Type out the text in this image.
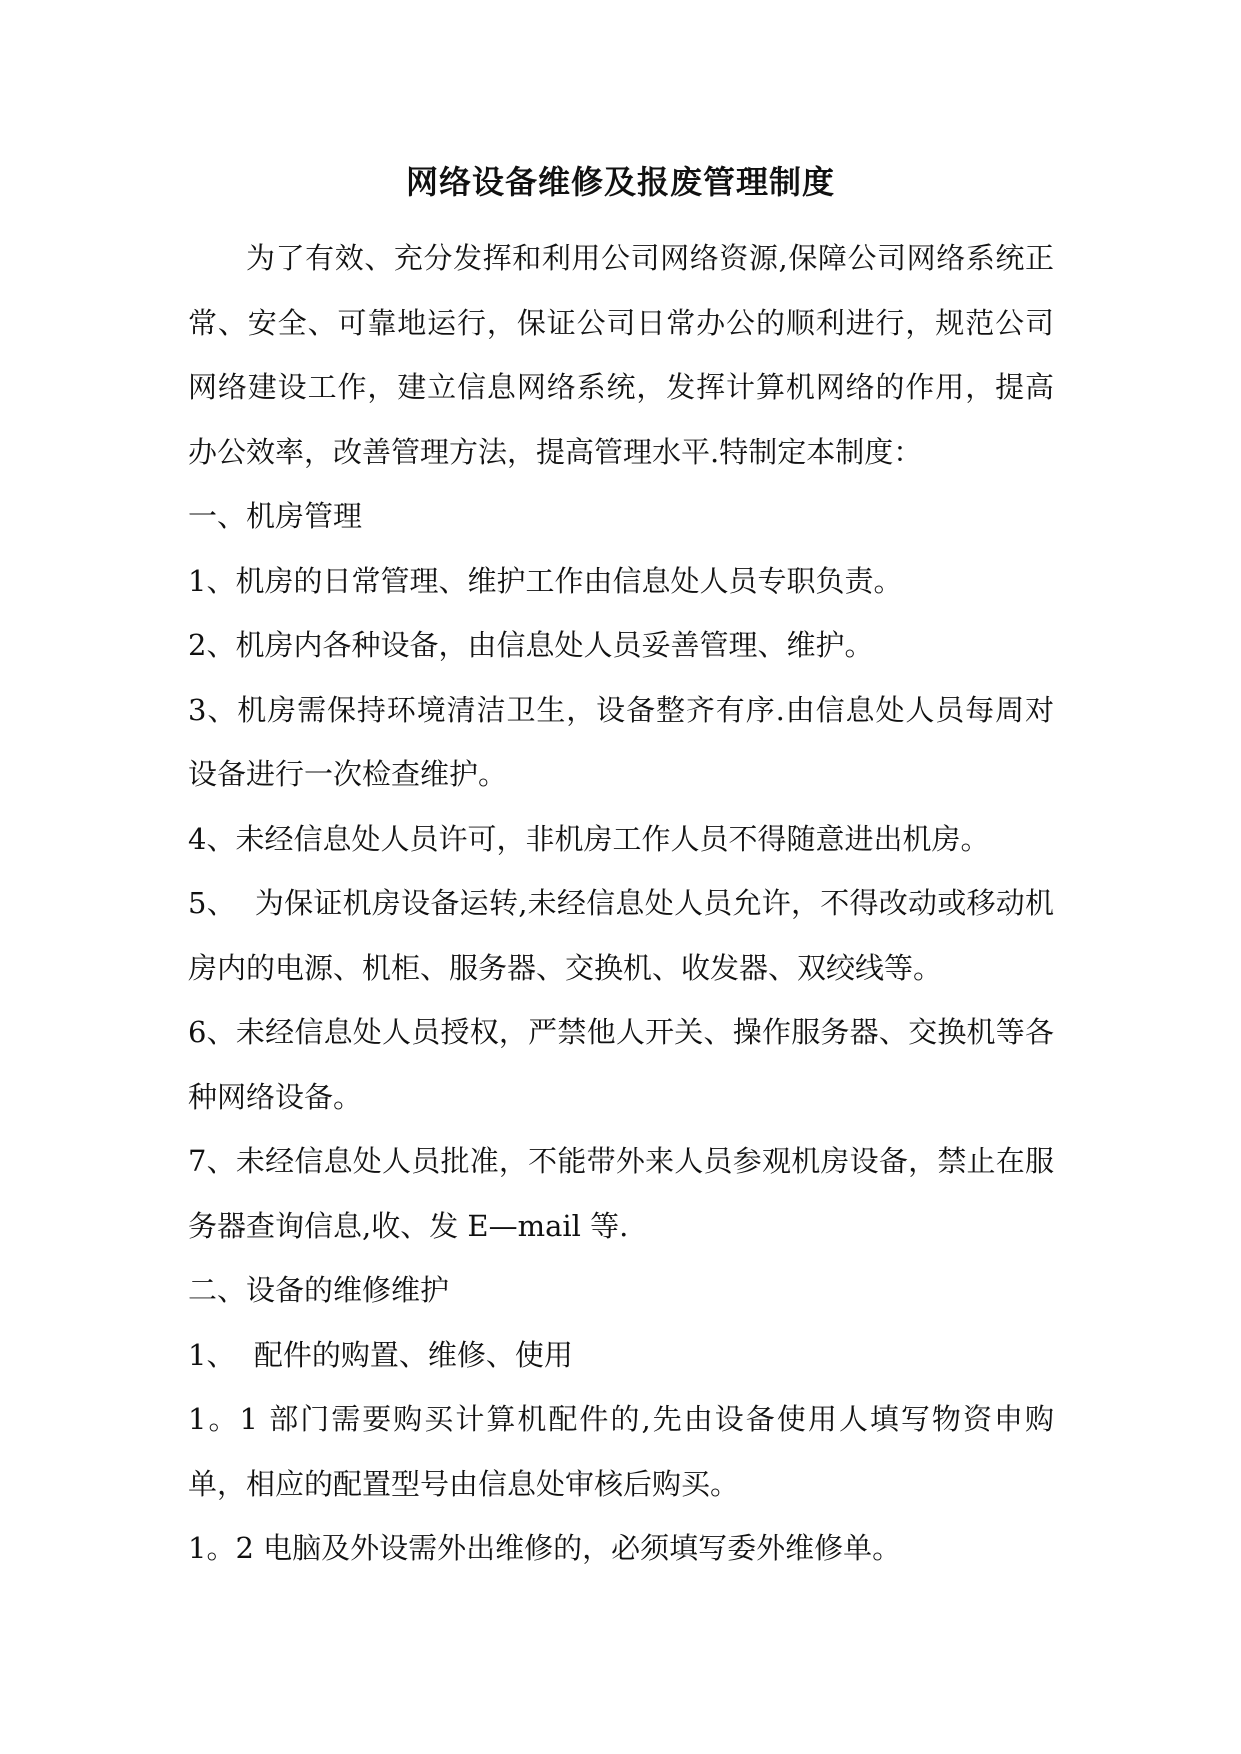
网络设备维修及报废管理制度

为了有效、充分发挥和利用公司网络资源,保障公司网络系统正常、安全、可靠地运行，保证公司日常办公的顺利进行，规范公司网络建设工作，建立信息网络系统，发挥计算机网络的作用，提高办公效率，改善管理方法，提高管理水平.特制定本制度：

一、机房管理

1、机房的日常管理、维护工作由信息处人员专职负责。

2、机房内各种设备，由信息处人员妥善管理、维护。

3、机房需保持环境清洁卫生，设备整齐有序.由信息处人员每周对设备进行一次检查维护。

4、未经信息处人员许可，非机房工作人员不得随意进出机房。

5、  为保证机房设备运转,未经信息处人员允许，不得改动或移动机房内的电源、机柜、服务器、交换机、收发器、双绞线等。

6、未经信息处人员授权，严禁他人开关、操作服务器、交换机等各种网络设备。

7、未经信息处人员批准，不能带外来人员参观机房设备，禁止在服务器查询信息,收、发 E—mail 等.

二、设备的维修维护

1、  配件的购置、维修、使用

1。1 部门需要购买计算机配件的,先由设备使用人填写物资申购单，相应的配置型号由信息处审核后购买。

1。2 电脑及外设需外出维修的，必须填写委外维修单。
